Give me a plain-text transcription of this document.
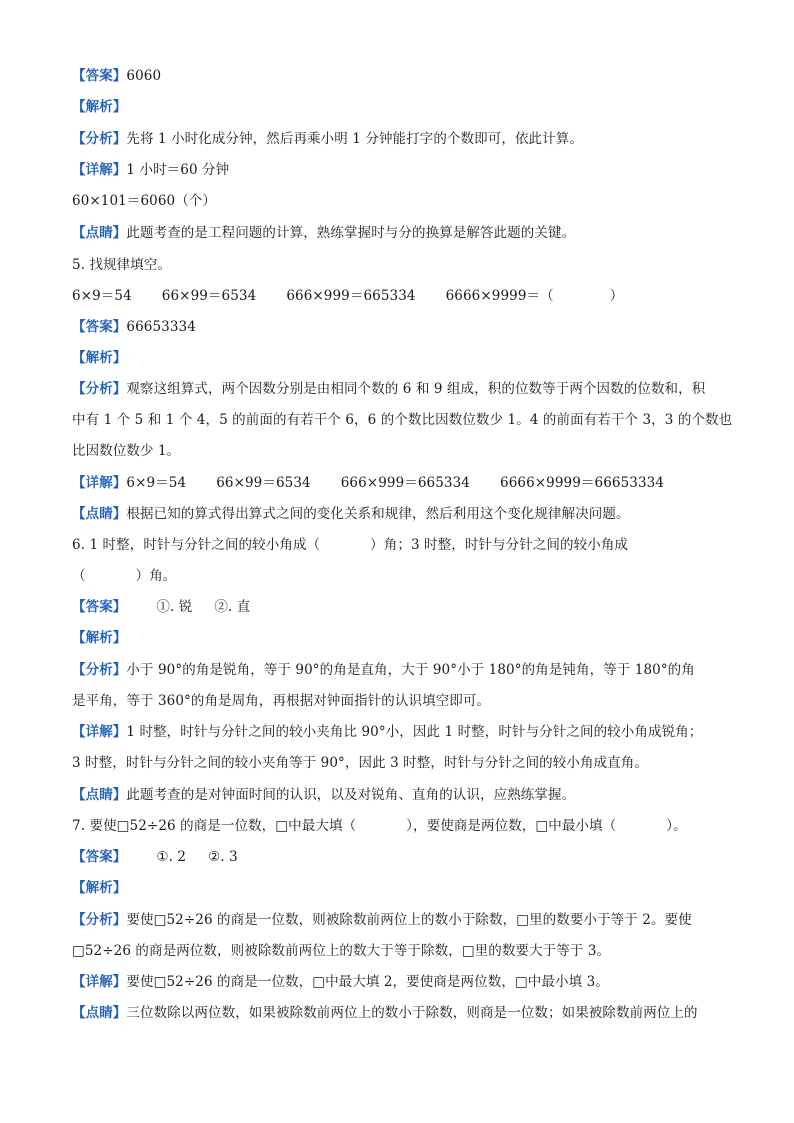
【答案】6060
【解析】
【分析】先将 1 小时化成分钟，然后再乘小明 1 分钟能打字的个数即可，依此计算。
【详解】1 小时＝60 分钟
60×101＝6060（个）
【点睛】此题考查的是工程问题的计算，熟练掌握时与分的换算是解答此题的关键。
5. 找规律填空。
6×9＝54 66×99＝6534 666×999＝665334 6666×9999＝（	）
【答案】66653334
【解析】
【分析】观察这组算式，两个因数分别是由相同个数的 6 和 9 组成，积的位数等于两个因数的位数和，积
中有 1 个 5 和 1 个 4，5 的前面的有若干个 6，6 的个数比因数位数少 1。4 的前面有若干个 3，3 的个数也
比因数位数少 1。
【详解】6×9＝54 66×99＝6534 666×999＝665334 6666×9999＝66653334
【点睛】根据已知的算式得出算式之间的变化关系和规律，然后利用这个变化规律解决问题。
6. 1 时整，时针与分针之间的较小角成（	）角；3 时整，时针与分针之间的较小角成
（	）角。
【答案】 ①. 锐 ②. 直
【解析】
【分析】小于 90°的角是锐角，等于 90°的角是直角，大于 90°小于 180°的角是钝角，等于 180°的角
是平角，等于 360°的角是周角，再根据对钟面指针的认识填空即可。
【详解】1 时整，时针与分针之间的较小夹角比 90°小，因此 1 时整，时针与分针之间的较小角成锐角；
3 时整，时针与分针之间的较小夹角等于 90°，因此 3 时整，时针与分针之间的较小角成直角。
【点睛】此题考查的是对钟面时间的认识，以及对锐角、直角的认识，应熟练掌握。
7. 要使□52÷26 的商是一位数，□中最大填（	），要使商是两位数，□中最小填（	）。
【答案】 ①. 2 ②. 3
【解析】
【分析】要使□52÷26 的商是一位数，则被除数前两位上的数小于除数，□里的数要小于等于 2。要使
□52÷26 的商是两位数，则被除数前两位上的数大于等于除数，□里的数要大于等于 3。
【详解】要使□52÷26 的商是一位数，□中最大填 2，要使商是两位数，□中最小填 3。
【点睛】三位数除以两位数，如果被除数前两位上的数小于除数，则商是一位数；如果被除数前两位上的
